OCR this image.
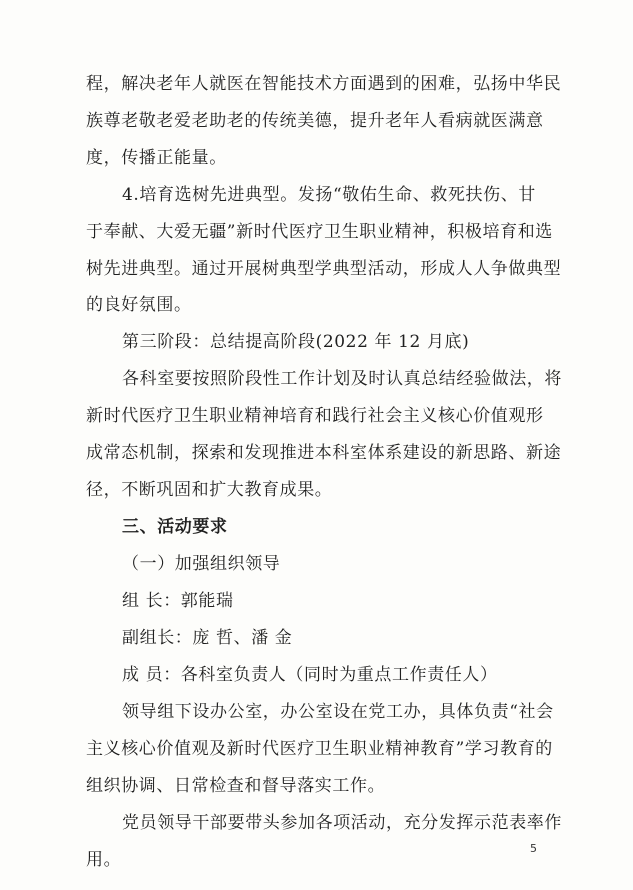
程，解决老年人就医在智能技术方面遇到的困难，弘扬中华民
族尊老敬老爱老助老的传统美德，提升老年人看病就医满意
度，传播正能量。
4.培育选树先进典型。发扬“敬佑生命、救死扶伤、甘
于奉献、大爱无疆”新时代医疗卫生职业精神，积极培育和选
树先进典型。通过开展树典型学典型活动，形成人人争做典型
的良好氛围。
第三阶段：总结提高阶段(2022 年 12 月底)
各科室要按照阶段性工作计划及时认真总结经验做法，将
新时代医疗卫生职业精神培育和践行社会主义核心价值观形
成常态机制，探索和发现推进本科室体系建设的新思路、新途
径，不断巩固和扩大教育成果。
三、活动要求
（一）加强组织领导
组 长：郭能瑞
副组长：庞 哲、潘 金
成 员：各科室负责人（同时为重点工作责任人）
领导组下设办公室，办公室设在党工办，具体负责“社会
主义核心价值观及新时代医疗卫生职业精神教育”学习教育的
组织协调、日常检查和督导落实工作。
党员领导干部要带头参加各项活动，充分发挥示范表率作
用。
5
